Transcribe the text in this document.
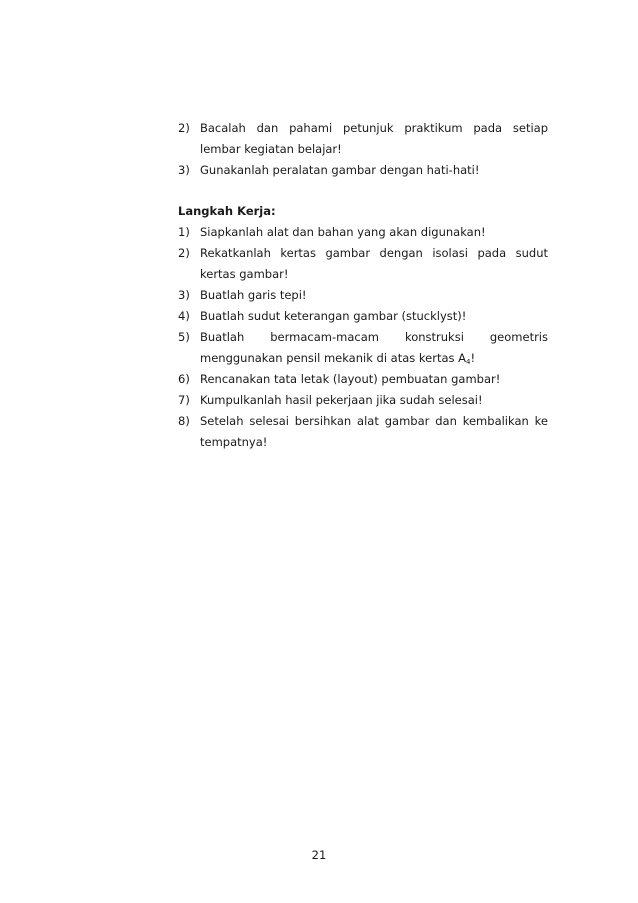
2) Bacalah dan pahami petunjuk praktikum pada setiap lembar kegiatan belajar!
3) Gunakanlah peralatan gambar dengan hati-hati!
Langkah Kerja:
1) Siapkanlah alat dan bahan yang akan digunakan!
2) Rekatkanlah kertas gambar dengan isolasi pada sudut kertas gambar!
3) Buatlah garis tepi!
4) Buatlah sudut keterangan gambar (stucklyst)!
5) Buatlah bermacam-macam konstruksi geometris menggunakan pensil mekanik di atas kertas $A_4$!
6) Rencanakan tata letak (layout) pembuatan gambar!
7) Kumpulkanlah hasil pekerjaan jika sudah selesai!
8) Setelah selesai bersihkan alat gambar dan kembalikan ke tempatnya!
21
